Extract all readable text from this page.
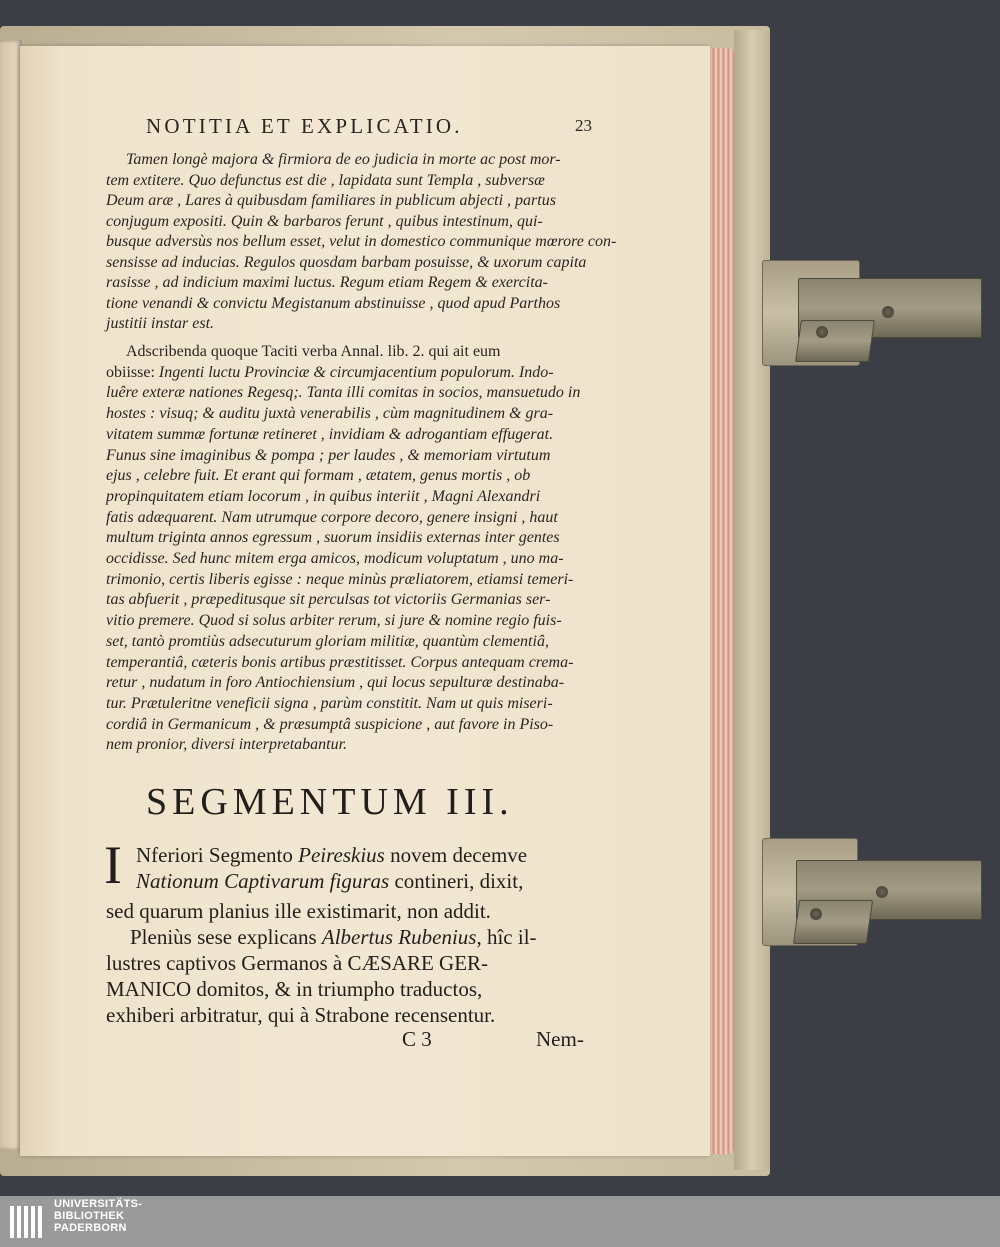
NOTITIA ET EXPLICATIO.	23
Tamen longè majora & firmiora de eo judicia in morte ac post mor-
tem extitere. Quo defunctus est die , lapidata sunt Templa , subversæ
Deum aræ , Lares à quibusdam familiares in publicum abjecti , partus
conjugum expositi. Quin & barbaros ferunt , quibus intestinum, qui-
busque adversùs nos bellum esset, velut in domestico communique mœrore con-
sensisse ad inducias. Regulos quosdam barbam posuisse, & uxorum capita
rasisse , ad indicium maximi luctus. Regum etiam Regem & exercita-
tione venandi & convictu Megistanum abstinuisse , quod apud Parthos
justitii instar est.
Adscribenda quoque Taciti verba Annal. lib. 2. qui ait eum
obiisse: Ingenti luctu Provinciæ & circumjacentium populorum. Indo-
luêre exteræ nationes Regesq;. Tanta illi comitas in socios, mansuetudo in
hostes : visuq; & auditu juxtà venerabilis , cùm magnitudinem & gra-
vitatem summæ fortunæ retineret , invidiam & adrogantiam effugerat.
Funus sine imaginibus & pompa ; per laudes , & memoriam virtutum
ejus , celebre fuit. Et erant qui formam , ætatem, genus mortis , ob
propinquitatem etiam locorum , in quibus interiit , Magni Alexandri
fatis adæquarent. Nam utrumque corpore decoro, genere insigni , haut
multum triginta annos egressum , suorum insidiis externas inter gentes
occidisse. Sed hunc mitem erga amicos, modicum voluptatum , uno ma-
trimonio, certis liberis egisse : neque minùs præliatorem, etiamsi temeri-
tas abfuerit , præpeditusque sit perculsas tot victoriis Germanias ser-
vitio premere. Quod si solus arbiter rerum, si jure & nomine regio fuis-
set, tantò promtiùs adsecuturum gloriam militiæ, quantùm clementiâ,
temperantiâ, cæteris bonis artibus præstitisset. Corpus antequam crema-
retur , nudatum in foro Antiochiensium , qui locus sepulturæ destinaba-
tur. Prætuleritne veneficii signa , parùm constitit. Nam ut quis miseri-
cordiâ in Germanicum , & præsumptâ suspicione , aut favore in Piso-
nem pronior, diversi interpretabantur.
SEGMENTUM III.
I Nferiori Segmento Peireskius novem decemve
Nationum Captivarum figuras contineri, dixit,
sed quarum planius ille existimarit, non addit.
Pleniùs sese explicans Albertus Rubenius, hîc il-
lustres captivos Germanos à CÆSARE GER-
MANICO domitos, & in triumpho traductos,
exhiberi arbitratur, qui à Strabone recensentur.
C 3	Nem-
UNIVERSITÄTS-
BIBLIOTHEK
PADERBORN
